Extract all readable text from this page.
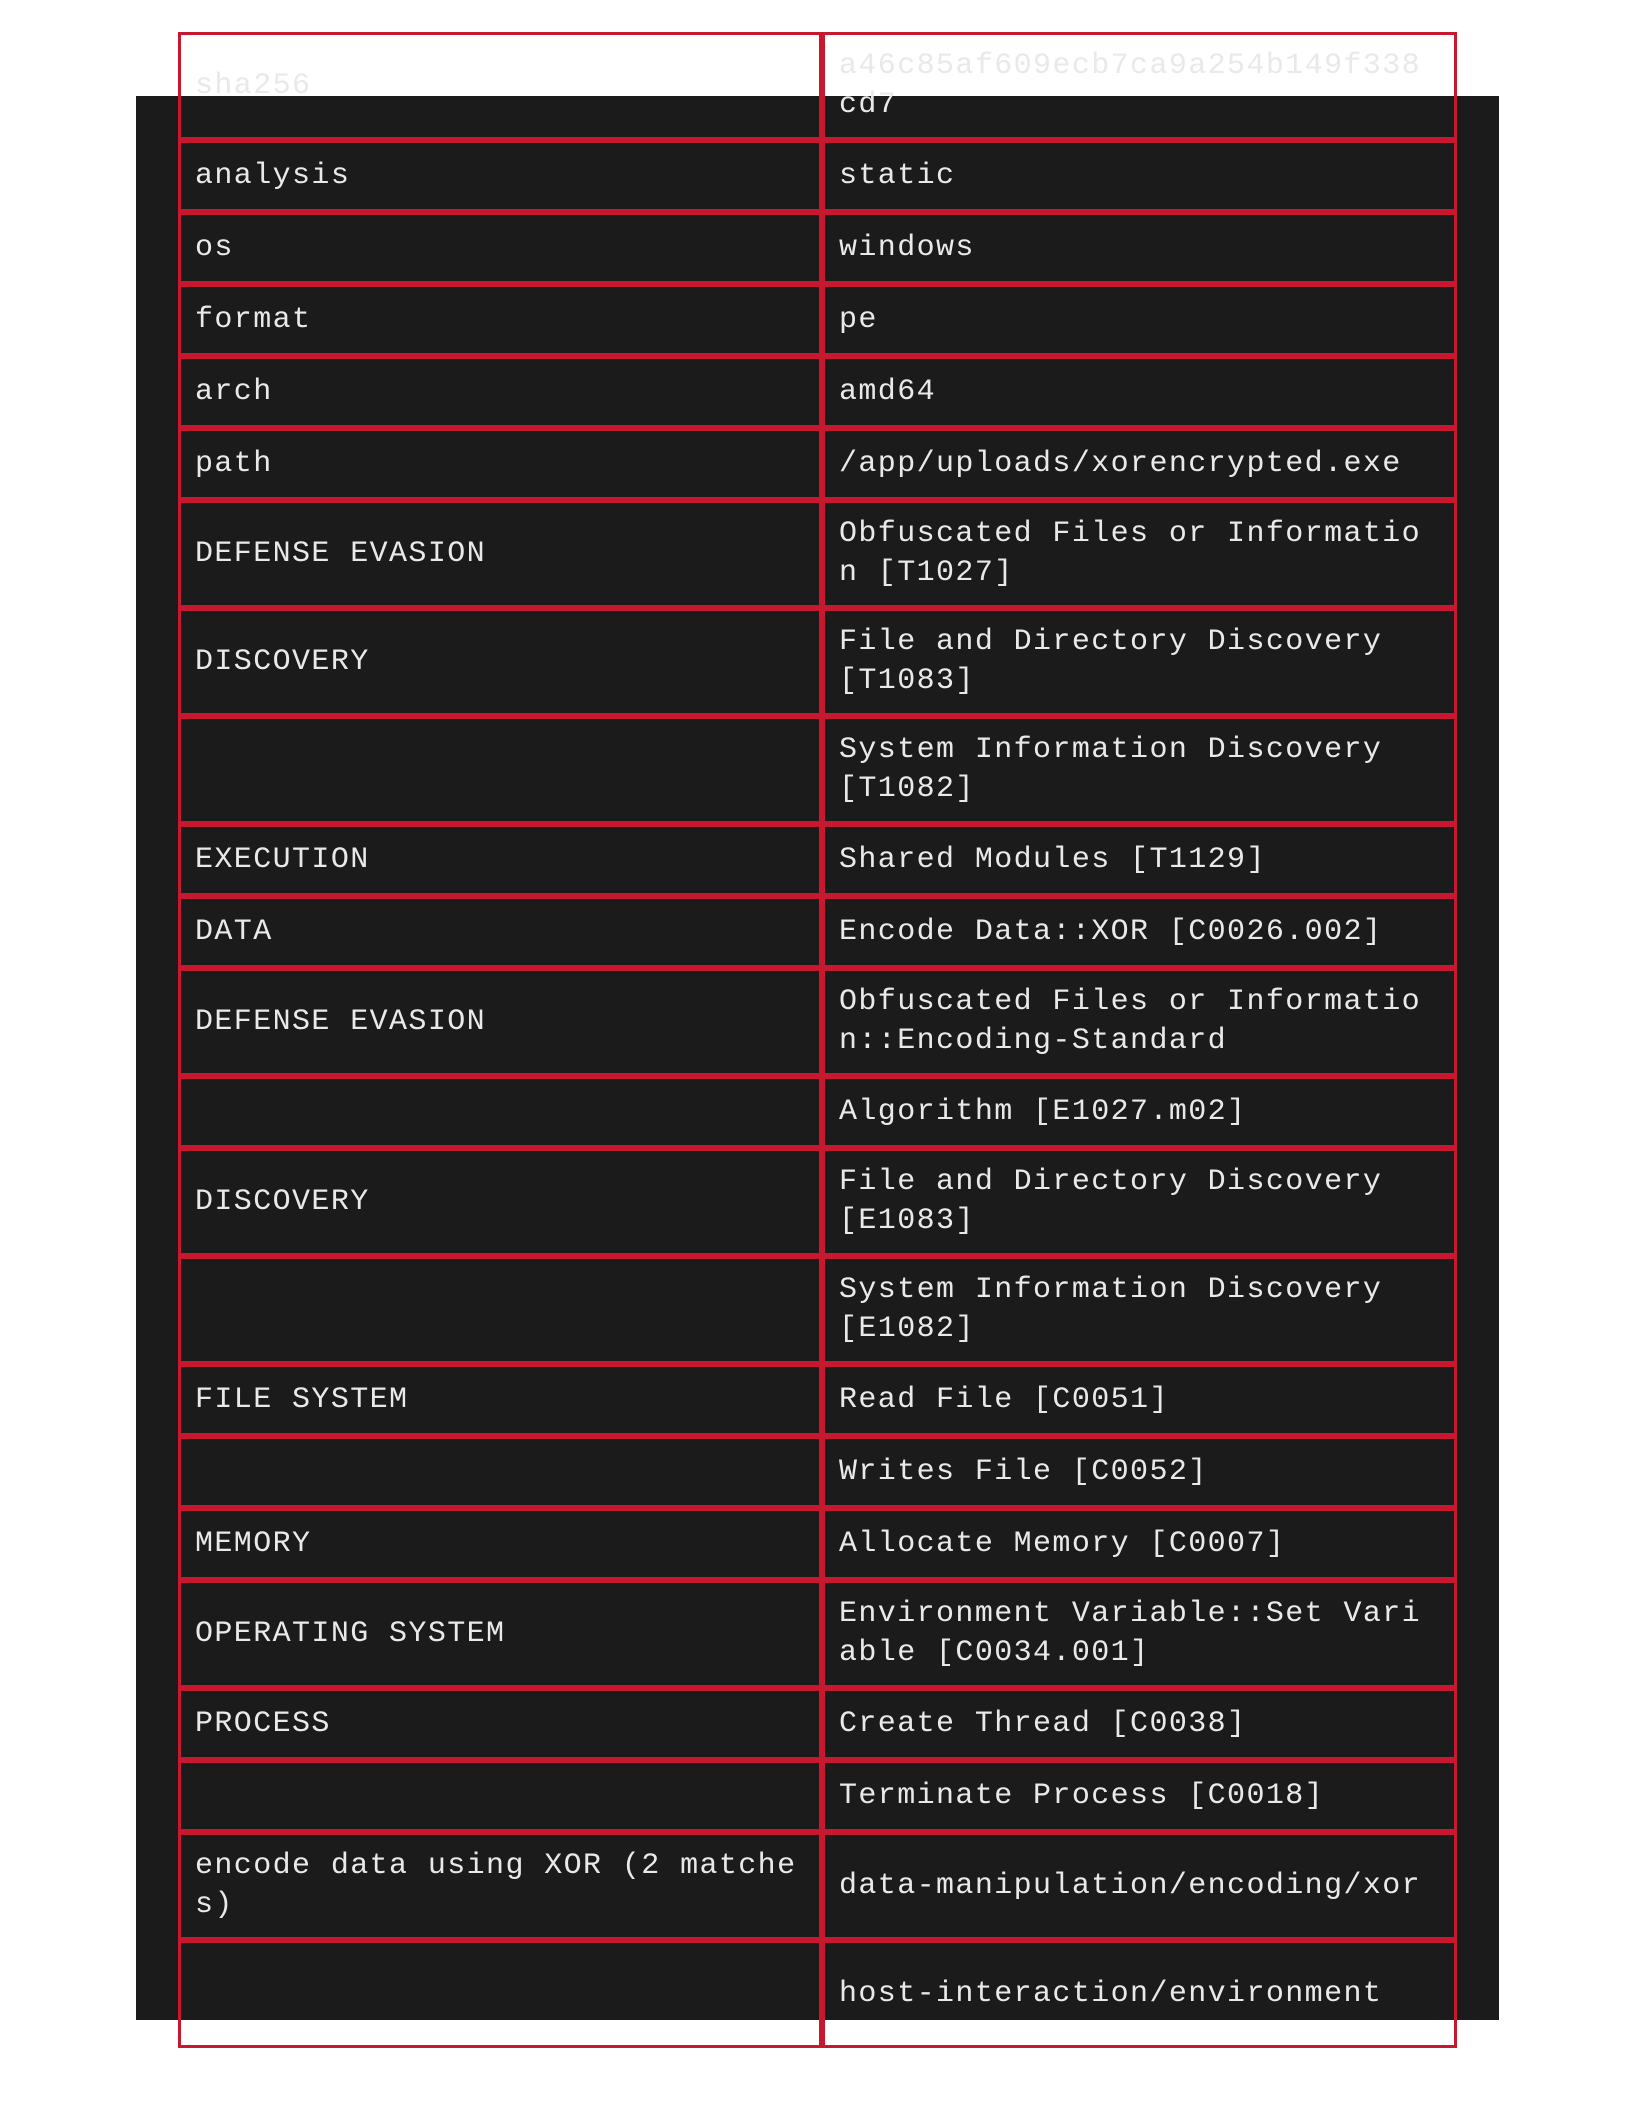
sha256	a46c85af609ecb7ca9a254b149f338cd7
analysis	static
os	windows
format	pe
arch	amd64
path	/app/uploads/xorencrypted.exe
DEFENSE EVASION	Obfuscated Files or Information [T1027]
DISCOVERY	File and Directory Discovery [T1083]
	System Information Discovery [T1082]
EXECUTION	Shared Modules [T1129]
DATA	Encode Data::XOR [C0026.002]
DEFENSE EVASION	Obfuscated Files or Information::Encoding-Standard
	Algorithm [E1027.m02]
DISCOVERY	File and Directory Discovery [E1083]
	System Information Discovery [E1082]
FILE SYSTEM	Read File [C0051]
	Writes File [C0052]
MEMORY	Allocate Memory [C0007]
OPERATING SYSTEM	Environment Variable::Set Variable [C0034.001]
PROCESS	Create Thread [C0038]
	Terminate Process [C0018]
encode data using XOR (2 matches)	data-manipulation/encoding/xor
	host-interaction/environment
